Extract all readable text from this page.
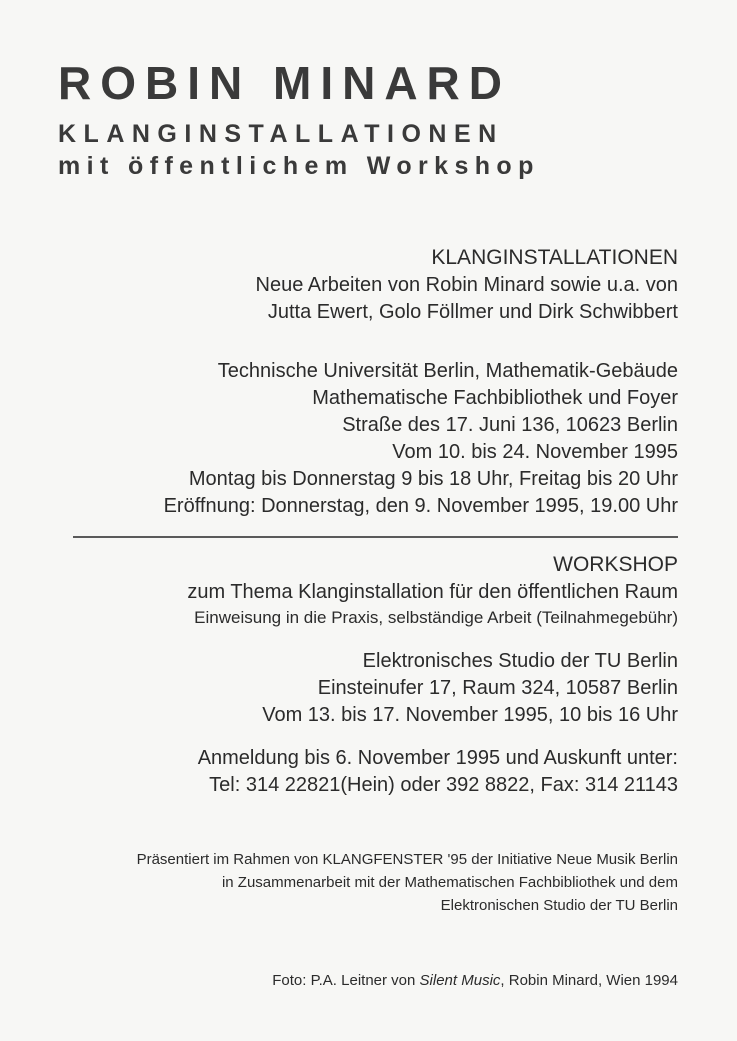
ROBIN MINARD
KLANGINSTALLATIONEN
mit öffentlichem Workshop
KLANGINSTALLATIONEN
Neue Arbeiten von Robin Minard sowie u.a. von
Jutta Ewert, Golo Föllmer und Dirk Schwibbert
Technische Universität Berlin, Mathematik-Gebäude
Mathematische Fachbibliothek und Foyer
Straße des 17. Juni 136, 10623 Berlin
Vom 10. bis 24. November 1995
Montag bis Donnerstag 9 bis 18 Uhr, Freitag bis 20 Uhr
Eröffnung: Donnerstag, den 9. November 1995, 19.00 Uhr
WORKSHOP
zum Thema Klanginstallation für den öffentlichen Raum
Einweisung in die Praxis, selbständige Arbeit (Teilnahmegebühr)
Elektronisches Studio der TU Berlin
Einsteinufer 17, Raum 324, 10587 Berlin
Vom 13. bis 17. November 1995, 10 bis 16 Uhr
Anmeldung bis 6. November 1995 und Auskunft unter:
Tel: 314 22821(Hein) oder 392 8822, Fax: 314 21143
Präsentiert im Rahmen von KLANGFENSTER '95 der Initiative Neue Musik Berlin
in Zusammenarbeit mit der Mathematischen Fachbibliothek und dem
Elektronischen Studio der TU Berlin
Foto: P.A. Leitner von Silent Music, Robin Minard, Wien 1994
